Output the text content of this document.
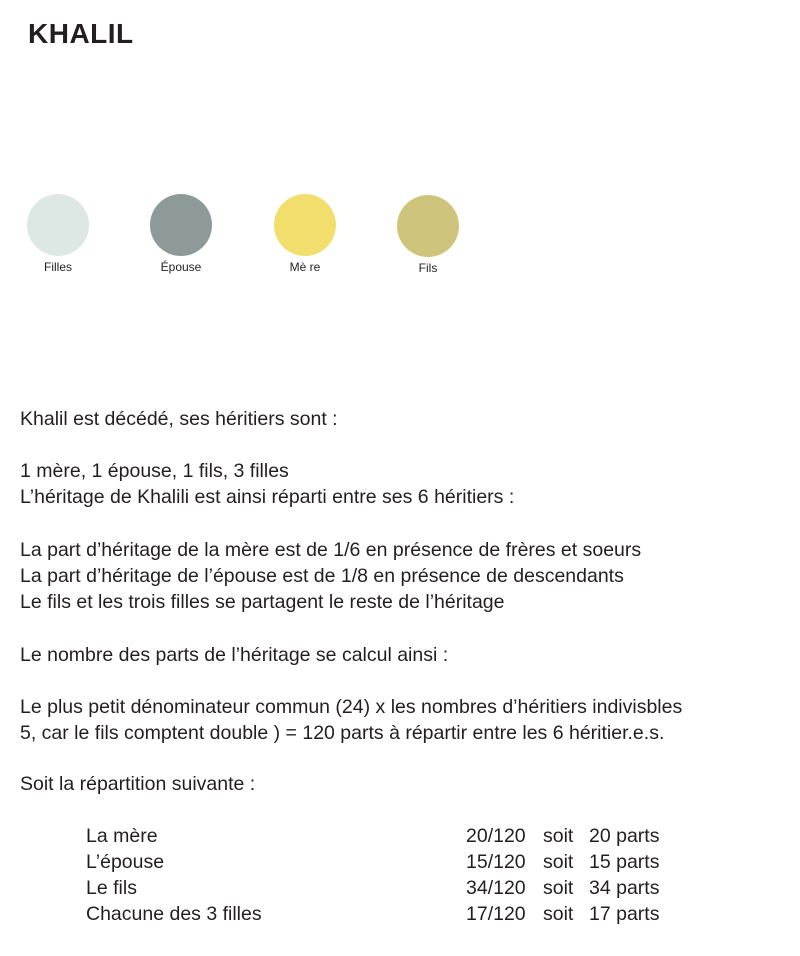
KHALIL
Filles	Épouse	Mè re	Fils

Khalil est décédé, ses héritiers sont :

1 mère, 1 épouse, 1 fils, 3 filles

L’héritage de Khalili est ainsi réparti entre ses 6 héritiers :

La part d’héritage de la mère est de 1/6 en présence de frères et soeurs

La part d’héritage de l’épouse est de 1/8 en présence de descendants

Le fils et les trois filles se partagent le reste de l’héritage

Le nombre des parts de l’héritage se calcul ainsi :

Le plus petit dénominateur commun (24) x les nombres d’héritiers indivisbles

5, car le fils comptent double ) = 120 parts à répartir entre les 6 héritier.e.s.

Soit la répartition suivante :

La mère	20/120 soit 20 parts
L’épouse	15/120 soit 15 parts
Le fils	34/120 soit 34 parts
Chacune des 3 filles	17/120 soit 17 parts
